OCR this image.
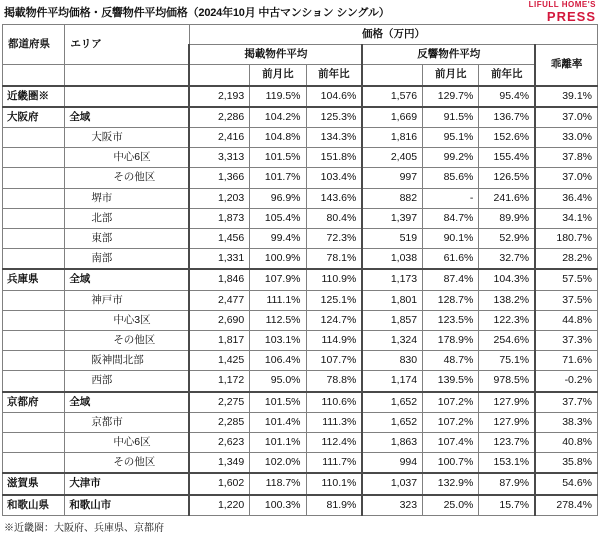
掲載物件平均価格・反響物件平均価格（2024年10月 中古マンション シングル）
LIFULL HOME'S
PRESS
都道府県	エリア	価格（万円）						
		掲載物件平均			反響物件平均			乖離率
			前月比	前年比		前月比	前年比	
近畿圏※		2,193	119.5%	104.6%	1,576	129.7%	95.4%	39.1%
大阪府	全域	2,286	104.2%	125.3%	1,669	91.5%	136.7%	37.0%
	大阪市	2,416	104.8%	134.3%	1,816	95.1%	152.6%	33.0%
	中心6区	3,313	101.5%	151.8%	2,405	99.2%	155.4%	37.8%
	その他区	1,366	101.7%	103.4%	997	85.6%	126.5%	37.0%
	堺市	1,203	96.9%	143.6%	882	-	241.6%	36.4%
	北部	1,873	105.4%	80.4%	1,397	84.7%	89.9%	34.1%
	東部	1,456	99.4%	72.3%	519	90.1%	52.9%	180.7%
	南部	1,331	100.9%	78.1%	1,038	61.6%	32.7%	28.2%
兵庫県	全域	1,846	107.9%	110.9%	1,173	87.4%	104.3%	57.5%
	神戸市	2,477	111.1%	125.1%	1,801	128.7%	138.2%	37.5%
	中心3区	2,690	112.5%	124.7%	1,857	123.5%	122.3%	44.8%
	その他区	1,817	103.1%	114.9%	1,324	178.9%	254.6%	37.3%
	阪神間北部	1,425	106.4%	107.7%	830	48.7%	75.1%	71.6%
	西部	1,172	95.0%	78.8%	1,174	139.5%	978.5%	-0.2%
京都府	全域	2,275	101.5%	110.6%	1,652	107.2%	127.9%	37.7%
	京都市	2,285	101.4%	111.3%	1,652	107.2%	127.9%	38.3%
	中心6区	2,623	101.1%	112.4%	1,863	107.4%	123.7%	40.8%
	その他区	1,349	102.0%	111.7%	994	100.7%	153.1%	35.8%
滋賀県	大津市	1,602	118.7%	110.1%	1,037	132.9%	87.9%	54.6%
和歌山県	和歌山市	1,220	100.3%	81.9%	323	25.0%	15.7%	278.4%
※近畿圏：大阪府、兵庫県、京都府
